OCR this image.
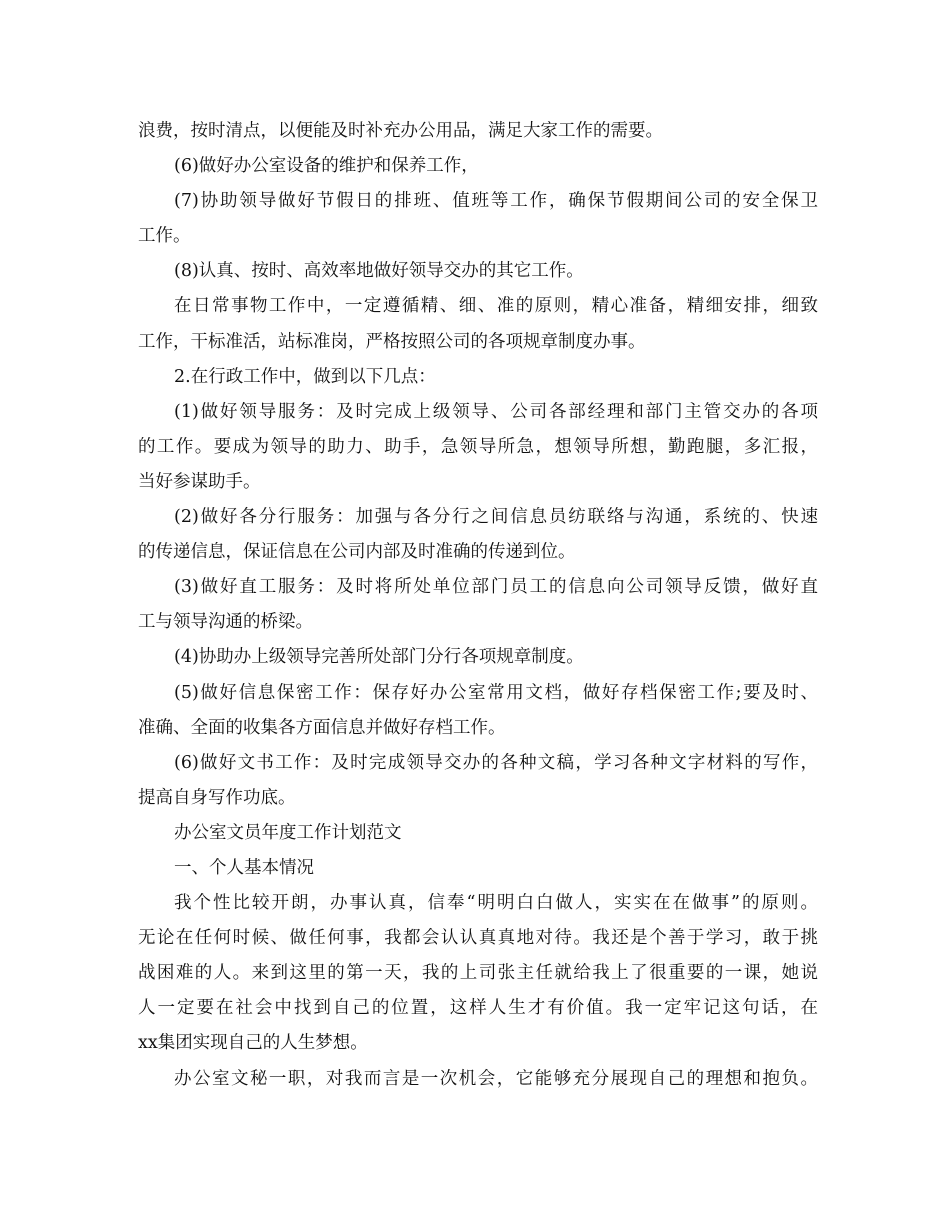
浪费，按时清点，以便能及时补充办公用品，满足大家工作的需要。
(6)做好办公室设备的维护和保养工作，
(7)协助领导做好节假日的排班、值班等工作，确保节假期间公司的安全保卫
工作。
(8)认真、按时、高效率地做好领导交办的其它工作。
在日常事物工作中，一定遵循精、细、准的原则，精心准备，精细安排，细致
工作，干标准活，站标准岗，严格按照公司的各项规章制度办事。
2.在行政工作中，做到以下几点：
(1)做好领导服务：及时完成上级领导、公司各部经理和部门主管交办的各项
的工作。要成为领导的助力、助手，急领导所急，想领导所想，勤跑腿，多汇报，
当好参谋助手。
(2)做好各分行服务：加强与各分行之间信息员纺联络与沟通，系统的、快速
的传递信息，保证信息在公司内部及时准确的传递到位。
(3)做好直工服务：及时将所处单位部门员工的信息向公司领导反馈，做好直
工与领导沟通的桥梁。
(4)协助办上级领导完善所处部门分行各项规章制度。
(5)做好信息保密工作：保存好办公室常用文档，做好存档保密工作;要及时、
准确、全面的收集各方面信息并做好存档工作。
(6)做好文书工作：及时完成领导交办的各种文稿，学习各种文字材料的写作，
提高自身写作功底。
办公室文员年度工作计划范文
一、个人基本情况
我个性比较开朗，办事认真，信奉“明明白白做人，实实在在做事”的原则。
无论在任何时候、做任何事，我都会认认真真地对待。我还是个善于学习，敢于挑
战困难的人。来到这里的第一天，我的上司张主任就给我上了很重要的一课，她说
人一定要在社会中找到自己的位置，这样人生才有价值。我一定牢记这句话，在
xx集团实现自己的人生梦想。
办公室文秘一职，对我而言是一次机会，它能够充分展现自己的理想和抱负。
